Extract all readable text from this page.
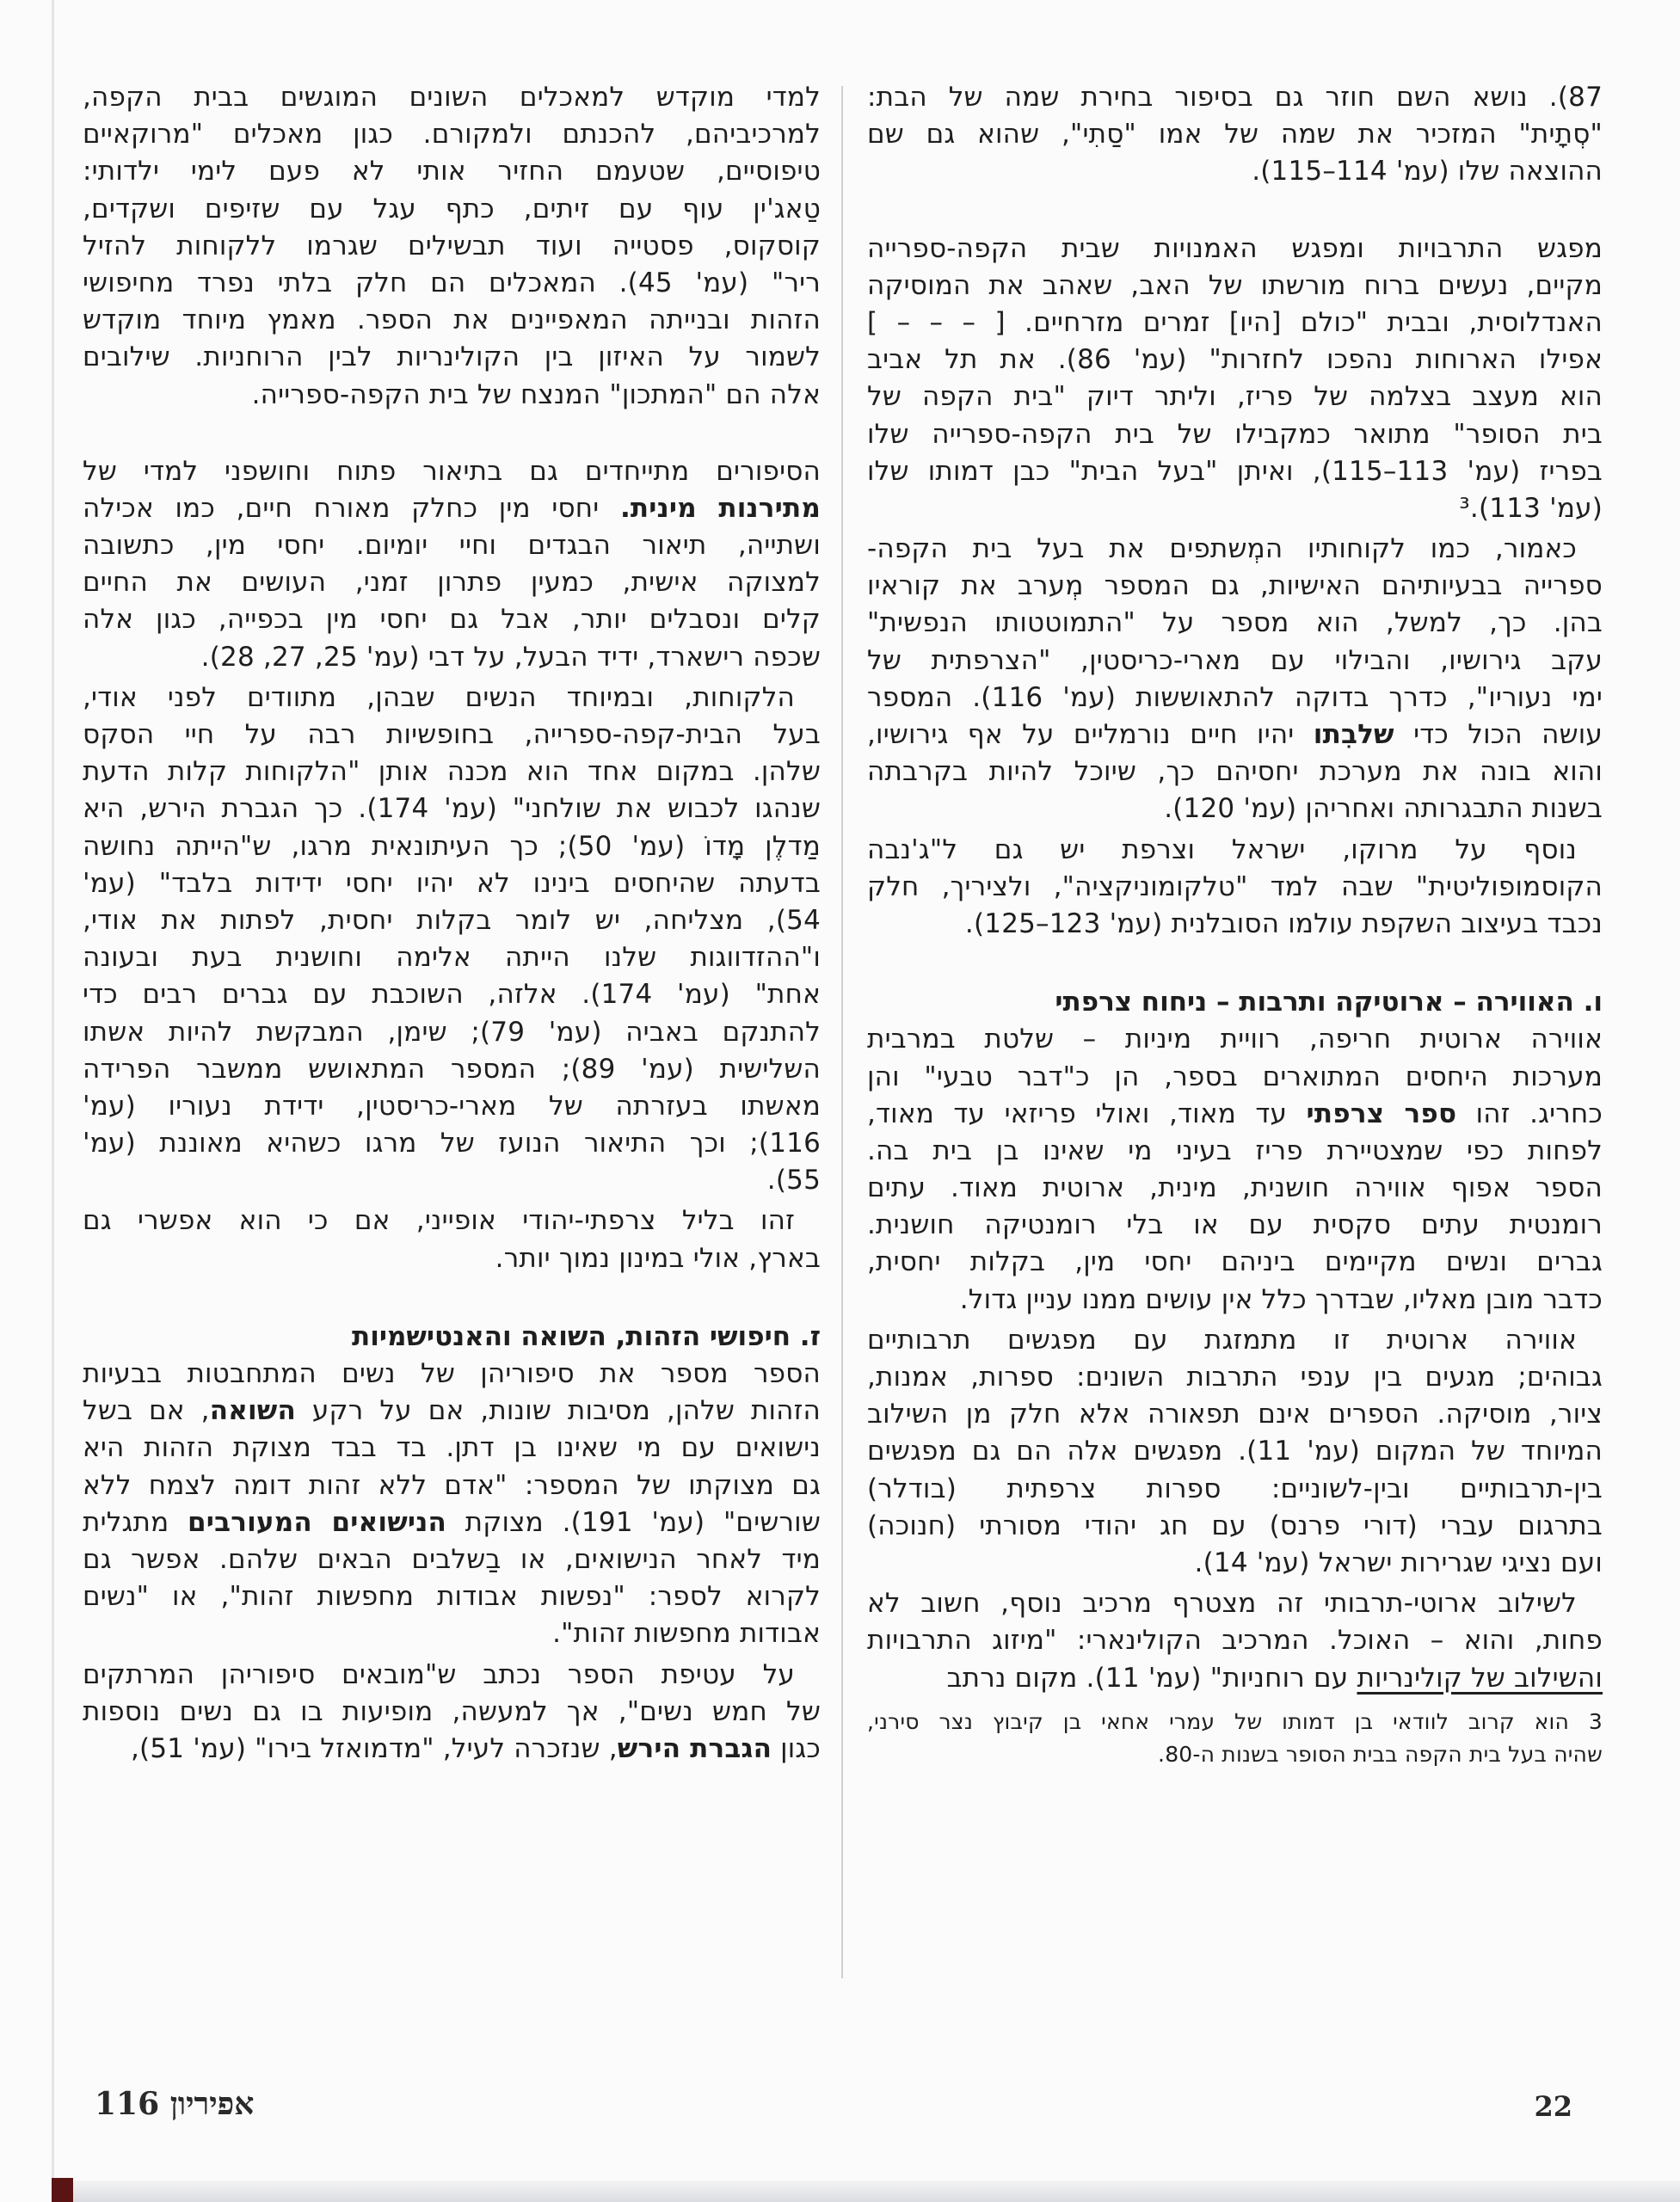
87). נושא השם חוזר גם בסיפור בחירת שמה של הבת:
"סְתָית" המזכיר את שמה של אמו "סַתִי", שהוא גם שם
ההוצאה שלו (עמ' 114–115).
מפגש התרבויות ומפגש האמנויות שבית הקפה-ספרייה
מקיים, נעשים ברוח מורשתו של האב, שאהב את המוסיקה
האנדלוסית, ובבית "כולם [היו] זמרים מזרחיים. [ – – – ]
אפילו הארוחות נהפכו לחזרות" (עמ' 86). את תל אביב
הוא מעצב בצלמה של פריז, וליתר דיוק "בית הקפה של
בית הסופר" מתואר כמקבילו של בית הקפה-ספרייה שלו
בפריז (עמ' 113–115), ואיתן "בעל הבית" כבן דמותו שלו
(עמ' 113).³
כאמור, כמו לקוחותיו המְשתפים את בעל בית הקפה-
ספרייה בבעיותיהם האישיות, גם המספר מְערב את קוראיו
בהן. כך, למשל, הוא מספר על "התמוטטותו הנפשית"
עקב גירושיו, והבילוי עם מארי-כריסטין, "הצרפתית של
ימי נעוריו", כדרך בדוקה להתאוששות (עמ' 116). המספר
עושה הכול כדי שלבִתו יהיו חיים נורמליים על אף גירושיו,
והוא בונה את מערכת יחסיהם כך, שיוכל להיות בקרבתה
בשנות התבגרותה ואחריהן (עמ' 120).
נוסף על מרוקו, ישראל וצרפת יש גם ל"ג'נבה
הקוסמופוליטית" שבה למד "טלקומוניקציה", ולציריך, חלק
נכבד בעיצוב השקפת עולמו הסובלנית (עמ' 123–125).
ו. האווירה – ארוטיקה ותרבות – ניחוח צרפתי
אווירה ארוטית חריפה, רוויית מיניות – שלטת במרבית
מערכות היחסים המתוארים בספר, הן כ"דבר טבעי" והן
כחריג. זהו ספר צרפתי עד מאוד, ואולי פריזאי עד מאוד,
לפחות כפי שמצטיירת פריז בעיני מי שאינו בן בית בה.
הספר אפוף אווירה חושנית, מינית, ארוטית מאוד. עתים
רומנטית עתים סקסית עם או בלי רומנטיקה חושנית.
גברים ונשים מקיימים ביניהם יחסי מין, בקלות יחסית,
כדבר מובן מאליו, שבדרך כלל אין עושים ממנו עניין גדול.
אווירה ארוטית זו מתמזגת עם מפגשים תרבותיים
גבוהים; מגעים בין ענפי התרבות השונים: ספרות, אמנות,
ציור, מוסיקה. הספרים אינם תפאורה אלא חלק מן השילוב
המיוחד של המקום (עמ' 11). מפגשים אלה הם גם מפגשים
בין-תרבותיים ובין-לשוניים: ספרות צרפתית (בודלר)
בתרגום עברי (דורי פרנס) עם חג יהודי מסורתי (חנוכה)
ועם נציגי שגרירות ישראל (עמ' 14).
לשילוב ארוטי-תרבותי זה מצטרף מרכיב נוסף, חשוב לא
פחות, והוא – האוכל. המרכיב הקולינארי: "מיזוג התרבויות
והשילוב של קולינריות עם רוחניות" (עמ' 11). מקום נרתב
3 הוא קרוב לוודאי בן דמותו של עמרי אחאי בן קיבוץ נצר סירני,
שהיה בעל בית הקפה בבית הסופר בשנות ה-80.
למדי מוקדש למאכלים השונים המוגשים בבית הקפה,
למרכיביהם, להכנתם ולמקורם. כגון מאכלים "מרוקאיים
טיפוסיים, שטעמם החזיר אותי לא פעם לימי ילדותי:
טַאג'ין עוף עם זיתים, כתף עגל עם שזיפים ושקדים,
קוסקוס, פסטייה ועוד תבשילים שגרמו ללקוחות להזיל
ריר" (עמ' 45). המאכלים הם חלק בלתי נפרד מחיפושי
הזהות ובנייתה המאפיינים את הספר. מאמץ מיוחד מוקדש
לשמור על האיזון בין הקולינריות לבין הרוחניות. שילובים
אלה הם "המתכון" המנצח של בית הקפה-ספרייה.
הסיפורים מתייחדים גם בתיאור פתוח וחושפני למדי של
מתירנות מינית. יחסי מין כחלק מאורח חיים, כמו אכילה
ושתייה, תיאור הבגדים וחיי יומיום. יחסי מין, כתשובה
למצוקה אישית, כמעין פתרון זמני, העושים את החיים
קלים ונסבלים יותר, אבל גם יחסי מין בכפייה, כגון אלה
שכפה רישארד, ידיד הבעל, על דבי (עמ' 25, 27, 28).
הלקוחות, ובמיוחד הנשים שבהן, מתוודים לפני אודי,
בעל הבית-קפה-ספרייה, בחופשיות רבה על חיי הסקס
שלהן. במקום אחד הוא מכנה אותן "הלקוחות קלות הדעת
שנהגו לכבוש את שולחני" (עמ' 174). כך הגברת הירש, היא
מַדלֶן מָדוֹ (עמ' 50); כך העיתונאית מרגו, ש"הייתה נחושה
בדעתה שהיחסים בינינו לא יהיו יחסי ידידות בלבד" (עמ'
54), מצליחה, יש לומר בקלות יחסית, לפתות את אודי,
ו"ההזדווגות שלנו הייתה אלימה וחושנית בעת ובעונה
אחת" (עמ' 174). אלזה, השוכבת עם גברים רבים כדי
להתנקם באביה (עמ' 79); שימן, המבקשת להיות אשתו
השלישית (עמ' 89); המספר המתאושש ממשבר הפרידה
מאשתו בעזרתה של מארי-כריסטין, ידידת נעוריו (עמ'
116); וכך התיאור הנועז של מרגו כשהיא מאוננת (עמ'
55).
זהו בליל צרפתי-יהודי אופייני, אם כי הוא אפשרי גם
בארץ, אולי במינון נמוך יותר.
ז. חיפושי הזהות, השואה והאנטישמיות
הספר מספר את סיפוריהן של נשים המתחבטות בבעיות
הזהות שלהן, מסיבות שונות, אם על רקע השואה, אם בשל
נישואים עם מי שאינו בן דתן. בד בבד מצוקת הזהות היא
גם מצוקתו של המספר: "אדם ללא זהות דומה לצמח ללא
שורשים" (עמ' 191). מצוקת הנישואים המעורבים מתגלית
מיד לאחר הנישואים, או בַשלבים הבאים שלהם. אפשר גם
לקרוא לספר: "נפשות אבודות מחפשות זהות", או "נשים
אבודות מחפשות זהות".
על עטיפת הספר נכתב ש"מובאים סיפוריהן המרתקים
של חמש נשים", אך למעשה, מופיעות בו גם נשים נוספות
כגון הגברת הירש, שנזכרה לעיל, "מדמואזל בירו" (עמ' 51),
אפיריון 116	22
